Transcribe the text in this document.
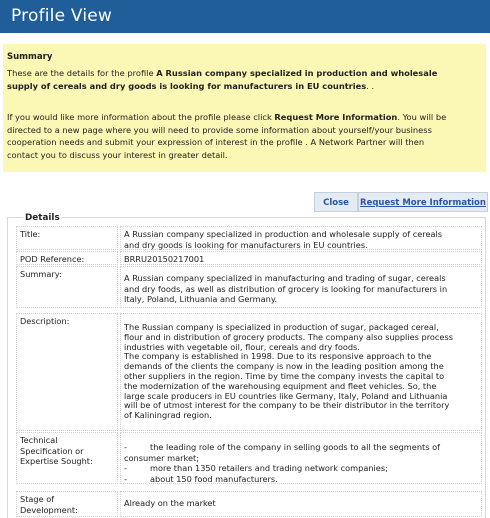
Profile View
Summary

These are the details for the profile A Russian company specialized in production and wholesale
supply of cereals and dry goods is looking for manufacturers in EU countries. .

If you would like more information about the profile please click Request More Information. You will be
directed to a new page where you will need to provide some information about yourself/your business
cooperation needs and submit your expression of interest in the profile . A Network Partner will then
contact you to discuss your interest in greater detail.

Close	Request More Information
Details
Title:	A Russian company specialized in production and wholesale supply of cereals
and dry goods is looking for manufacturers in EU countries.
POD Reference:	BRRU20150217001
Summary:	A Russian company specialized in manufacturing and trading of sugar, cereals
and dry foods, as well as distribution of grocery is looking for manufacturers in
Italy, Poland, Lithuania and Germany.
Description:
The Russian company is specialized in production of sugar, packaged cereal,
flour and in distribution of grocery products. The company also supplies process
industries with vegetable oil, flour, cereals and dry foods.
The company is established in 1998. Due to its responsive approach to the
demands of the clients the company is now in the leading position among the
other suppliers in the region. Time by time the company invests the capital to
the modernization of the warehousing equipment and fleet vehicles. So, the
large scale producers in EU countries like Germany, Italy, Poland and Lithuania
will be of utmost interest for the company to be their distributor in the territory
of Kaliningrad region.
Technical
Specification or
Expertise Sought:
-	the leading role of the company in selling goods to all the segments of
consumer market;
-	more than 1350 retailers and trading network companies;
-	about 150 food manufacturers.
Stage of
Development:
Already on the market
